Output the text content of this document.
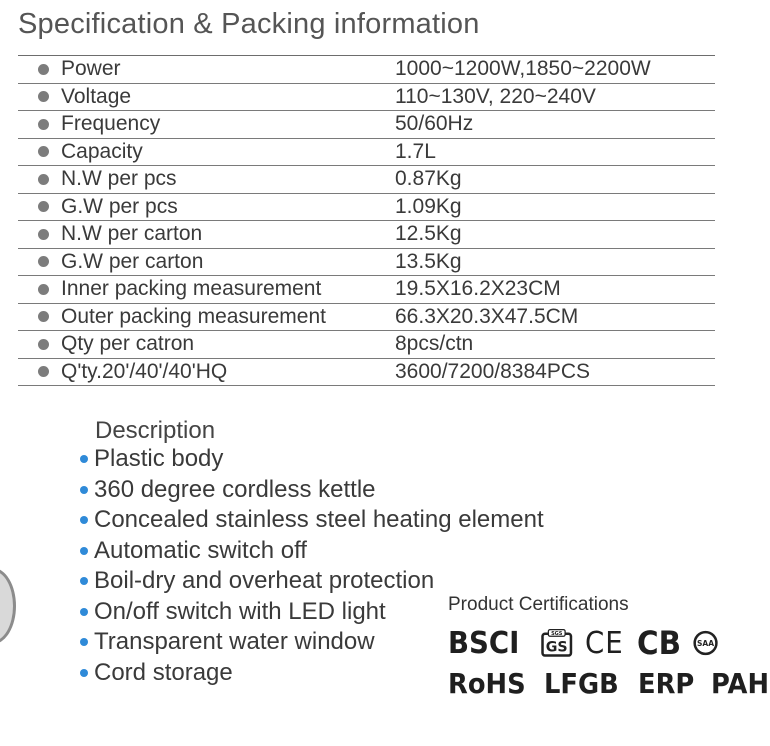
Specification & Packing information
Power	1000~1200W,1850~2200W
Voltage	110~130V, 220~240V
Frequency	50/60Hz
Capacity	1.7L
N.W per pcs	0.87Kg
G.W per pcs	1.09Kg
N.W per carton	12.5Kg
G.W per carton	13.5Kg
Inner packing measurement	19.5X16.2X23CM
Outer packing measurement	66.3X20.3X47.5CM
Qty per catron	8pcs/ctn
Q'ty.20'/40'/40'HQ	3600/7200/8384PCS
Description
Plastic body
360 degree cordless kettle
Concealed stainless steel heating element
Automatic switch off
Boil-dry and overheat protection
On/off switch with LED light
Transparent water window
Cord storage
Product Certifications
BSCI	SGS
GS CE CB SAA
RoHS LFGB ERP PAH
